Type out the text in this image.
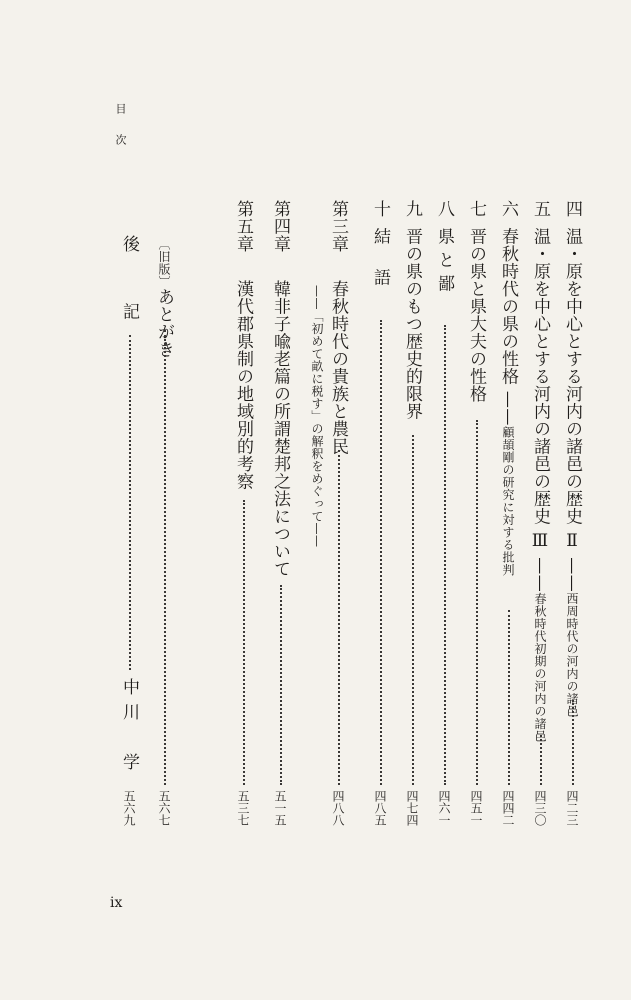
目次
四温・原を中心とする河内の諸邑の歴史 Ⅱ ——西周時代の河内の諸邑
四二三
五温・原を中心とする河内の諸邑の歴史 Ⅲ ——春秋時代初期の河内の諸邑
四三〇
六春秋時代の県の性格 ——顧頡剛の研究に対する批判
四四二
七晋の県と県大夫の性格
四五一
八県 と 鄙
四六一
九晋の県のもつ歴史的限界
四七四
十結　 語
四八五
第三章　春秋時代の貴族と農民
四八八
——「初めて畝に税す」の解釈をめぐって——
第四章　韓非子喩老篇の所謂楚邦之法について
五一五
第五章　漢代郡県制の地域別的考察
五三七
〔旧版〕あとがき
五六七
後記
中川　学
五六九
ix
